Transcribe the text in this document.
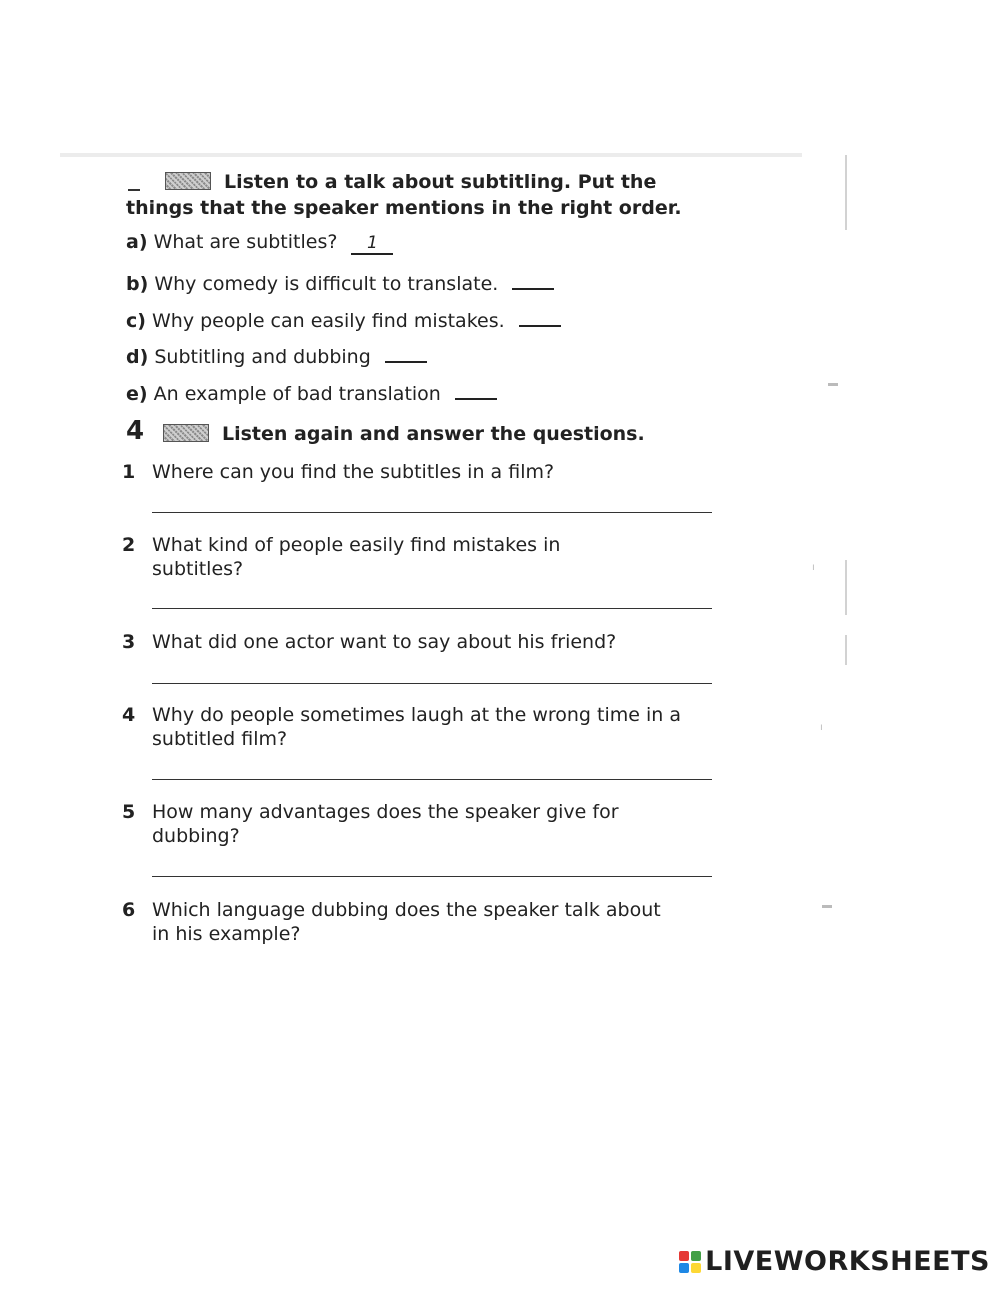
▬
ı
ı
▬
Listen to a talk about subtitling. Put the
things that the speaker mentions in the right order.
a) What are subtitles? 1
b) Why comedy is difficult to translate.
c) Why people can easily find mistakes.
d) Subtitling and dubbing
e) An example of bad translation
4	Listen again and answer the questions.
1 Where can you find the subtitles in a film?
2 What kind of people easily find mistakes in subtitles?
3 What did one actor want to say about his friend?
4 Why do people sometimes laugh at the wrong time in a subtitled film?
5 How many advantages does the speaker give for dubbing?
6 Which language dubbing does the speaker talk about in his example?
LIVEWORKSHEETS
